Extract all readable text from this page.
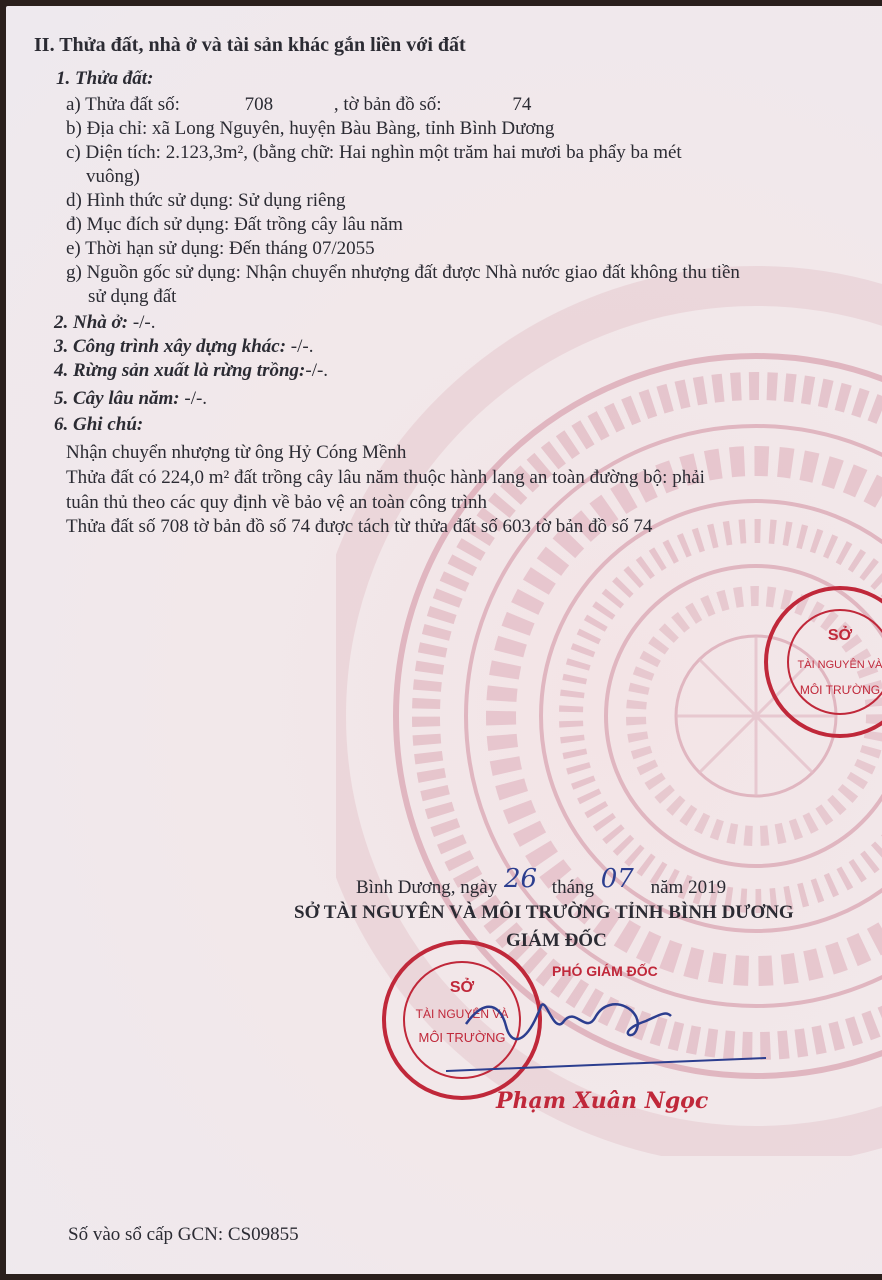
II. Thửa đất, nhà ở và tài sản khác gắn liền với đất
1. Thửa đất:
a) Thửa đất số:	708	, tờ bản đồ số:	74
b) Địa chỉ: xã Long Nguyên, huyện Bàu Bàng, tỉnh Bình Dương
c) Diện tích: 2.123,3m², (bằng chữ: Hai nghìn một trăm hai mươi ba phẩy ba mét
vuông)
d) Hình thức sử dụng: Sử dụng riêng
đ) Mục đích sử dụng: Đất trồng cây lâu năm
e) Thời hạn sử dụng: Đến tháng 07/2055
g) Nguồn gốc sử dụng: Nhận chuyển nhượng đất được Nhà nước giao đất không thu tiền
sử dụng đất
2. Nhà ở: -/-.
3. Công trình xây dựng khác: -/-.
4. Rừng sản xuất là rừng trồng:-/-.
5. Cây lâu năm: -/-.
6. Ghi chú:
Nhận chuyển nhượng từ ông Hỷ Cóng Mềnh
Thửa đất có 224,0 m² đất trồng cây lâu năm thuộc hành lang an toàn đường bộ: phải
tuân thủ theo các quy định về bảo vệ an toàn công trình
Thửa đất số 708 tờ bản đồ số 74 được tách từ thửa đất số 603 tờ bản đồ số 74
Bình Dương, ngày 26 tháng 07 năm 2019
SỞ TÀI NGUYÊN VÀ MÔI TRƯỜNG TỈNH BÌNH DƯƠNG
GIÁM ĐỐC
Số vào sổ cấp GCN: CS09855
SỞ
TÀI NGUYÊN VÀ
MÔI TRƯỜNG
SỞ
TÀI NGUYÊN VÀ
MÔI TRƯỜNG
PHÓ GIÁM ĐỐC
Phạm Xuân Ngọc
